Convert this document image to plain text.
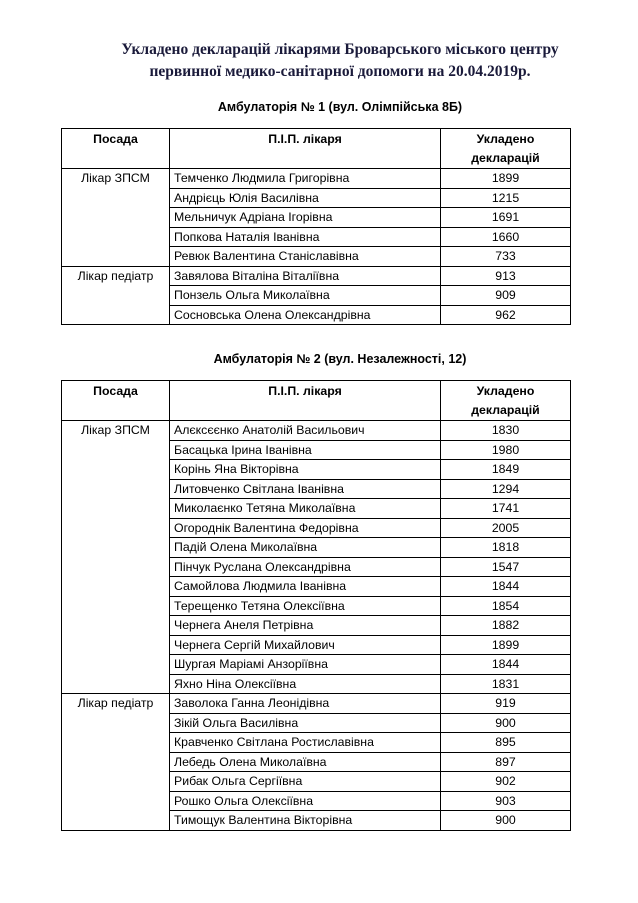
Укладено декларацій лікарями Броварського міського центру
первинної медико-санітарної допомоги на 20.04.2019р.
Амбулаторія № 1 (вул. Олімпійська 8Б)
Посада	П.І.П. лікаря	Укладено
декларацій
Лікар ЗПСМ	Темченко Людмила Григорівна	1899
	Андрієць Юлія Василівна	1215
	Мельничук Адріана Ігорівна	1691
	Попкова Наталія Іванівна	1660
	Ревюк Валентина Станіславівна	733
Лікар педіатр	Завялова Віталіна Віталіївна	913
	Понзель Ольга Миколаївна	909
	Сосновська Олена Олександрівна	962
Амбулаторія № 2 (вул. Незалежності, 12)
Посада	П.І.П. лікаря	Укладено
декларацій
Лікар ЗПСМ	Алєксєєнко Анатолій Васильович	1830
	Басацька Ірина Іванівна	1980
	Корінь Яна Вікторівна	1849
	Литовченко Світлана Іванівна	1294
	Миколаєнко Тетяна Миколаївна	1741
	Огороднік Валентина Федорівна	2005
	Падій Олена Миколаївна	1818
	Пінчук Руслана Олександрівна	1547
	Самойлова Людмила Іванівна	1844
	Терещенко Тетяна Олексіївна	1854
	Чернега Анеля Петрівна	1882
	Чернега Сергій Михайлович	1899
	Шургая Маріамі Анзоріївна	1844
	Яхно Ніна Олексіївна	1831
Лікар педіатр	Заволока Ганна Леонідівна	919
	Зікій Ольга Василівна	900
	Кравченко Світлана Ростиславівна	895
	Лебедь Олена Миколаївна	897
	Рибак Ольга Сергіївна	902
	Рошко Ольга Олексіївна	903
	Тимощук Валентина Вікторівна	900
